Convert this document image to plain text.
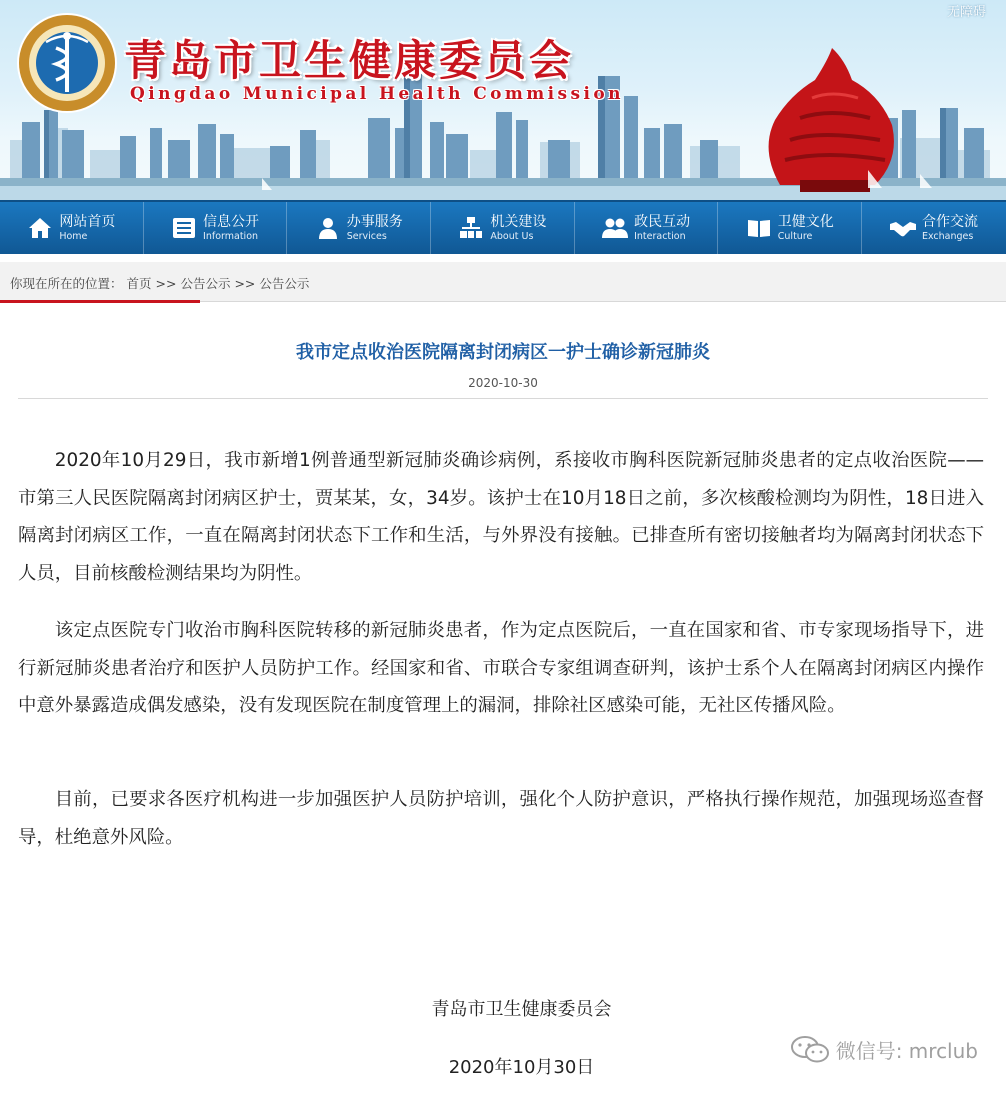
无障碍
青岛市卫生健康委员会
Qingdao Municipal Health Commission
网站首页
Home
信息公开
Information
办事服务
Services
机关建设
About Us
政民互动
Interaction
卫健文化
Culture
合作交流
Exchanges
你现在所在的位置： 首页 >> 公告公示 >> 公告公示
我市定点收治医院隔离封闭病区一护士确诊新冠肺炎
2020-10-30

2020年10月29日，我市新增1例普通型新冠肺炎确诊病例，系接收市胸科医院新冠肺炎患者的定点收治医院——市第三人民医院隔离封闭病区护士，贾某某，女，34岁。该护士在10月18日之前，多次核酸检测均为阴性，18日进入隔离封闭病区工作，一直在隔离封闭状态下工作和生活，与外界没有接触。已排查所有密切接触者均为隔离封闭状态下人员，目前核酸检测结果均为阴性。

该定点医院专门收治市胸科医院转移的新冠肺炎患者，作为定点医院后，一直在国家和省、市专家现场指导下，进行新冠肺炎患者治疗和医护人员防护工作。经国家和省、市联合专家组调查研判，该护士系个人在隔离封闭病区内操作中意外暴露造成偶发感染，没有发现医院在制度管理上的漏洞，排除社区感染可能，无社区传播风险。

目前，已要求各医疗机构进一步加强医护人员防护培训，强化个人防护意识，严格执行操作规范，加强现场巡查督导，杜绝意外风险。

青岛市卫生健康委员会
2020年10月30日
微信号: mrclub
